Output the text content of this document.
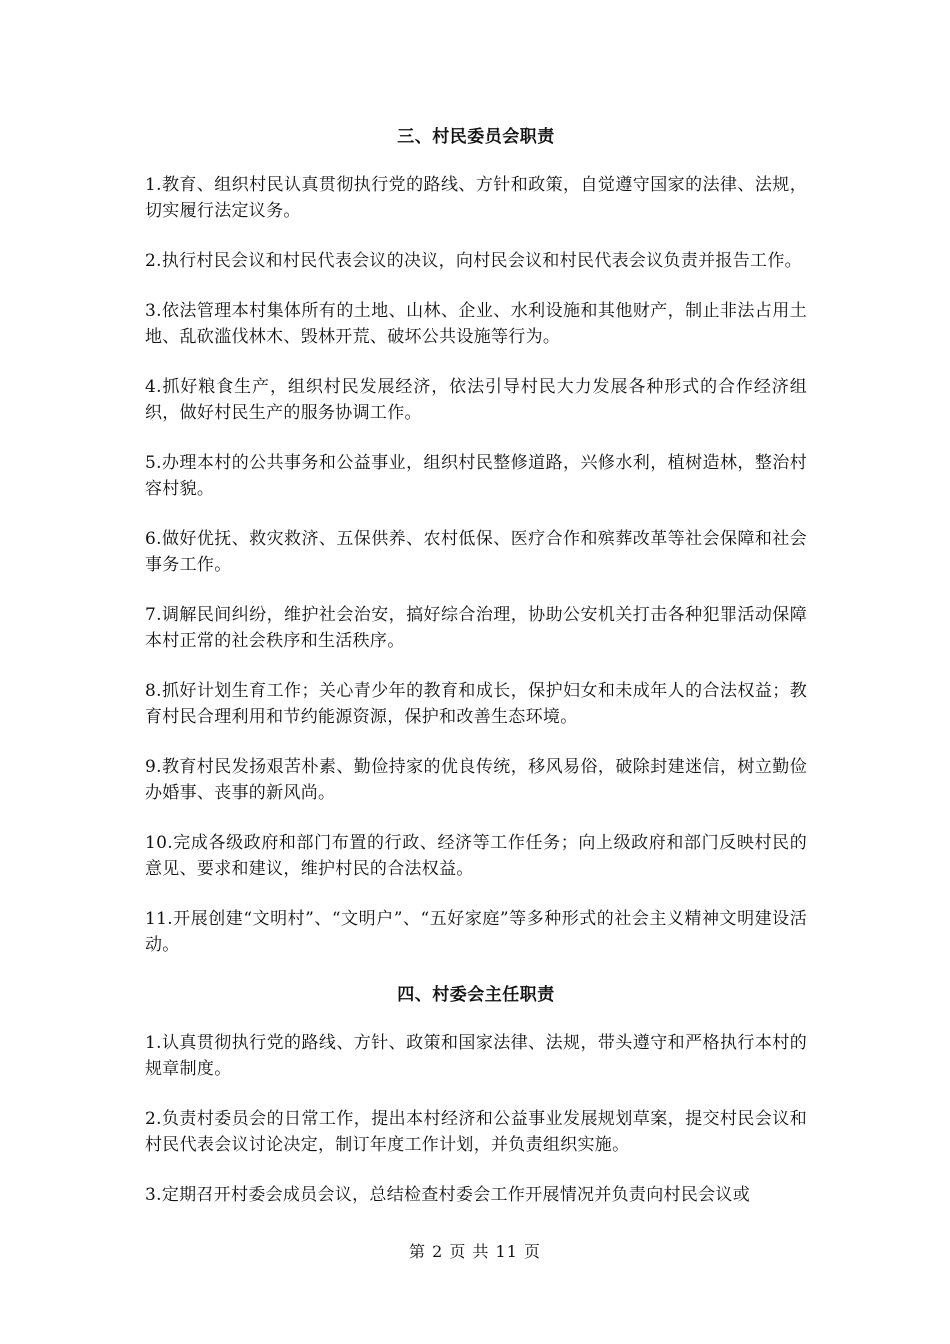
三、村民委员会职责

1.教育、组织村民认真贯彻执行党的路线、方针和政策，自觉遵守国家的法律、法规，切实履行法定议务。

2.执行村民会议和村民代表会议的决议，向村民会议和村民代表会议负责并报告工作。

3.依法管理本村集体所有的土地、山林、企业、水利设施和其他财产，制止非法占用土地、乱砍滥伐林木、毁林开荒、破坏公共设施等行为。

4.抓好粮食生产，组织村民发展经济，依法引导村民大力发展各种形式的合作经济组织，做好村民生产的服务协调工作。

5.办理本村的公共事务和公益事业，组织村民整修道路，兴修水利，植树造林，整治村容村貌。

6.做好优抚、救灾救济、五保供养、农村低保、医疗合作和殡葬改革等社会保障和社会事务工作。

7.调解民间纠纷，维护社会治安，搞好综合治理，协助公安机关打击各种犯罪活动保障本村正常的社会秩序和生活秩序。

8.抓好计划生育工作；关心青少年的教育和成长，保护妇女和未成年人的合法权益；教育村民合理利用和节约能源资源，保护和改善生态环境。

9.教育村民发扬艰苦朴素、勤俭持家的优良传统，移风易俗，破除封建迷信，树立勤俭办婚事、丧事的新风尚。

10.完成各级政府和部门布置的行政、经济等工作任务；向上级政府和部门反映村民的意见、要求和建议，维护村民的合法权益。

11.开展创建“文明村”、“文明户”、“五好家庭”等多种形式的社会主义精神文明建设活动。

四、村委会主任职责

1.认真贯彻执行党的路线、方针、政策和国家法律、法规，带头遵守和严格执行本村的规章制度。

2.负责村委员会的日常工作，提出本村经济和公益事业发展规划草案，提交村民会议和村民代表会议讨论决定，制订年度工作计划，并负责组织实施。

3.定期召开村委会成员会议，总结检查村委会工作开展情况并负责向村民会议或

第 2 页 共 11 页
